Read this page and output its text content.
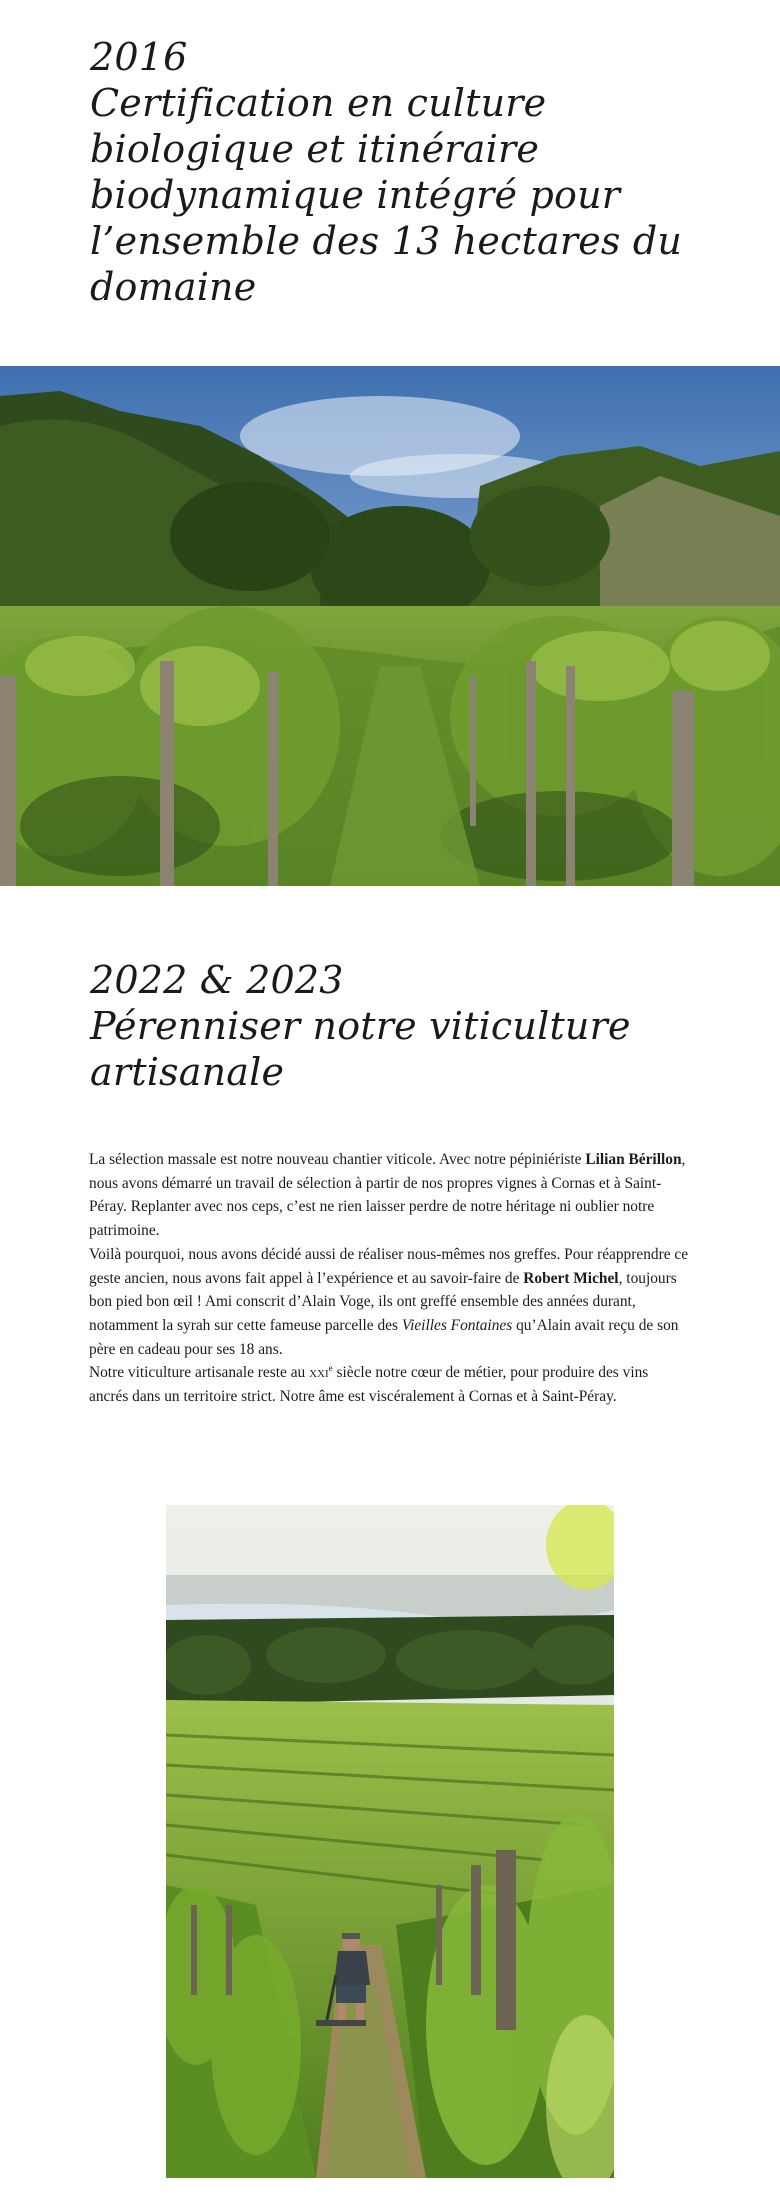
2016
Certification en culture
biologique et itinéraire
biodynamique intégré pour
l’ensemble des 13 hectares du
domaine
2022 & 2023
Pérenniser notre viticulture
artisanale

La sélection massale est notre nouveau chantier viticole. Avec notre pépiniériste Lilian Bérillon, nous avons démarré un travail de sélection à partir de nos propres vignes à Cornas et à Saint-Péray. Replanter avec nos ceps, c’est ne rien laisser perdre de notre héritage ni oublier notre patrimoine.

Voilà pourquoi, nous avons décidé aussi de réaliser nous-mêmes nos greffes. Pour réapprendre ce geste ancien, nous avons fait appel à l’expérience et au savoir-faire de Robert Michel, toujours bon pied bon œil ! Ami conscrit d’Alain Voge, ils ont greffé ensemble des années durant, notamment la syrah sur cette fameuse parcelle des Vieilles Fontaines qu’Alain avait reçu de son père en cadeau pour ses 18 ans.

Notre viticulture artisanale reste au xxi$^e$ siècle notre cœur de métier, pour produire des vins ancrés dans un territoire strict. Notre âme est viscéralement à Cornas et à Saint-Péray.
